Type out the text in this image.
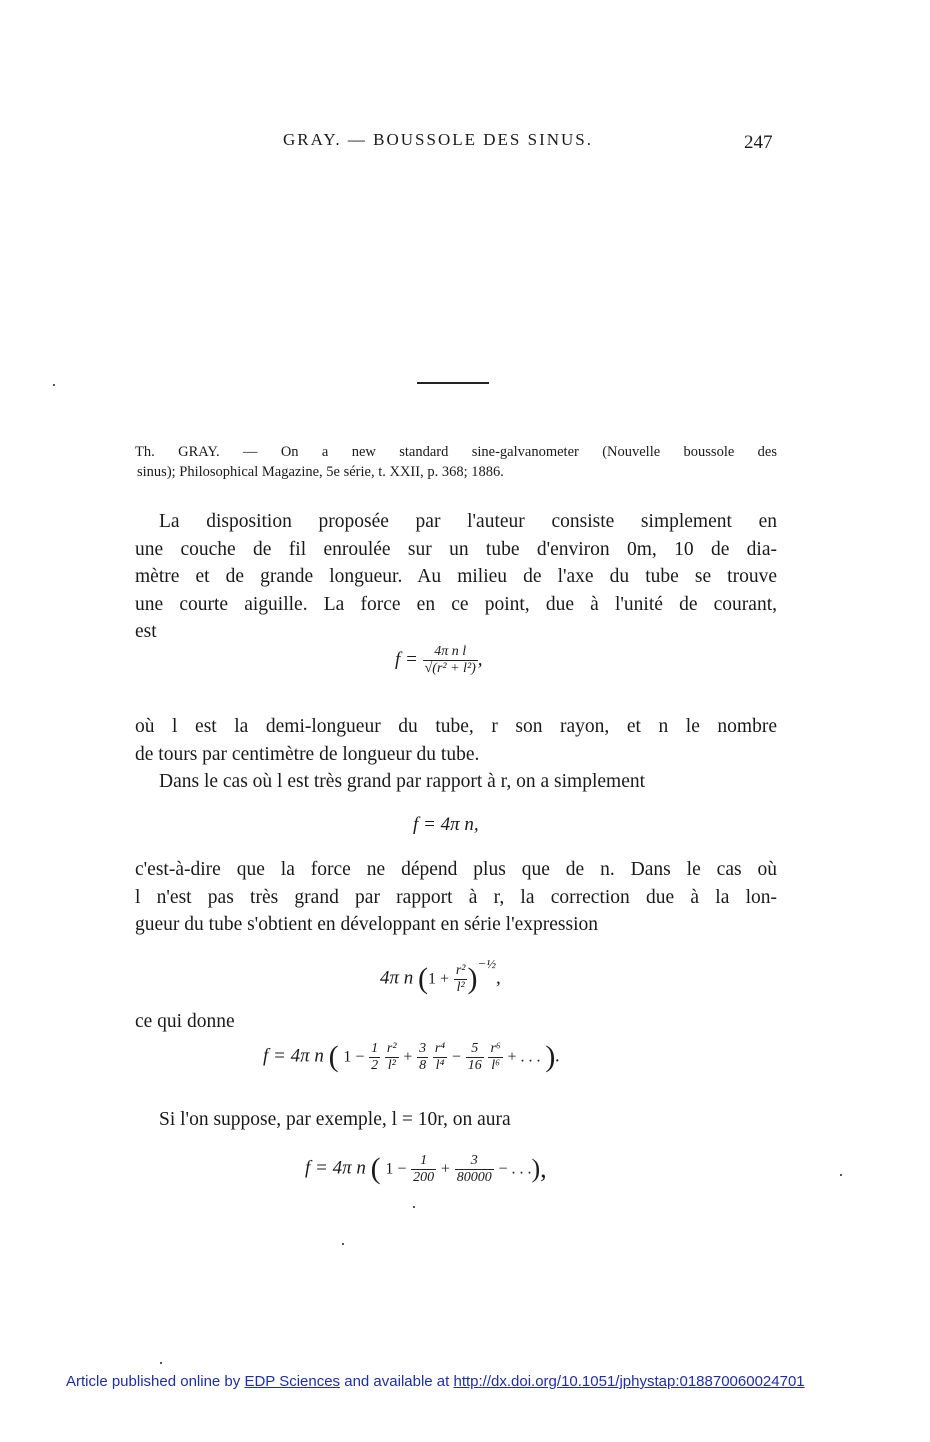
GRAY. — BOUSSOLE DES SINUS.	247
Th. GRAY. — On a new standard sine-galvanometer (Nouvelle boussole des
sinus); Philosophical Magazine, 5e série, t. XXII, p. 368; 1886.
La disposition proposée par l'auteur consiste simplement en
une couche de fil enroulée sur un tube d'environ 0m, 10 de dia-
mètre et de grande longueur. Au milieu de l'axe du tube se trouve
une courte aiguille. La force en ce point, due à l'unité de courant,
est
$f = \frac{\text{4π n l}}{\text{√(r² + l²)}}$ ,
où l est la demi-longueur du tube, r son rayon, et n le nombre
de tours par centimètre de longueur du tube.
Dans le cas où l est très grand par rapport à r, on a simplement
f = 4π n,
c'est-à-dire que la force ne dépend plus que de n. Dans le cas où
l n'est pas très grand par rapport à r, la correction due à la lon-
gueur du tube s'obtient en développant en série l'expression
4π n $(1 + \frac{\text{r²}}{\text{l²}} )^{-\frac{1}{2}}$,
ce qui donne
f = 4π n ( $1 - \frac{1}{2}$
$\frac{\text{r²}}{\text{l²}} + \frac{3}{8}$
$\frac{\text{r⁴}}{\text{l⁴}} - \frac{5}{16}$
$\frac{\text{r⁶}}{\text{l⁶}}$ + . . . ).
Si l'on suppose, par exemple, l = 10r, on aura
f = 4π n ( $1 - \frac{1}{200} + \frac{3}{80000}$ − . . .),
Article published online by EDP Sciences and available at http://dx.doi.org/10.1051/jphystap:018870060024701
